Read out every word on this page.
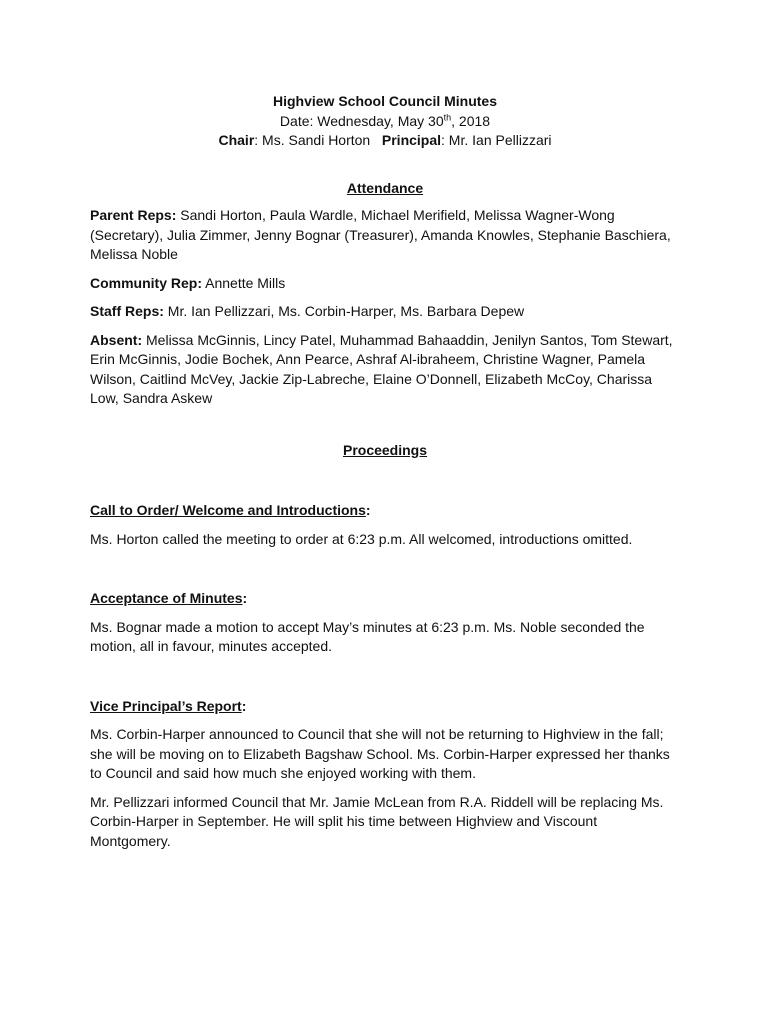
Highview School Council Minutes
Date: Wednesday, May 30th, 2018
Chair: Ms. Sandi Horton Principal: Mr. Ian Pellizzari
Attendance

Parent Reps: Sandi Horton, Paula Wardle, Michael Merifield, Melissa Wagner-Wong (Secretary), Julia Zimmer, Jenny Bognar (Treasurer), Amanda Knowles, Stephanie Baschiera, Melissa Noble

Community Rep: Annette Mills

Staff Reps: Mr. Ian Pellizzari, Ms. Corbin-Harper, Ms. Barbara Depew

Absent: Melissa McGinnis, Lincy Patel, Muhammad Bahaaddin, Jenilyn Santos, Tom Stewart, Erin McGinnis, Jodie Bochek, Ann Pearce, Ashraf Al-ibraheem, Christine Wagner, Pamela Wilson, Caitlind McVey, Jackie Zip-Labreche, Elaine O’Donnell, Elizabeth McCoy, Charissa Low, Sandra Askew

Proceedings
Call to Order/ Welcome and Introductions:

Ms. Horton called the meeting to order at 6:23 p.m. All welcomed, introductions omitted.

Acceptance of Minutes:

Ms. Bognar made a motion to accept May’s minutes at 6:23 p.m. Ms. Noble seconded the motion, all in favour, minutes accepted.

Vice Principal’s Report:

Ms. Corbin-Harper announced to Council that she will not be returning to Highview in the fall; she will be moving on to Elizabeth Bagshaw School. Ms. Corbin-Harper expressed her thanks to Council and said how much she enjoyed working with them.

Mr. Pellizzari informed Council that Mr. Jamie McLean from R.A. Riddell will be replacing Ms. Corbin-Harper in September. He will split his time between Highview and Viscount Montgomery.
